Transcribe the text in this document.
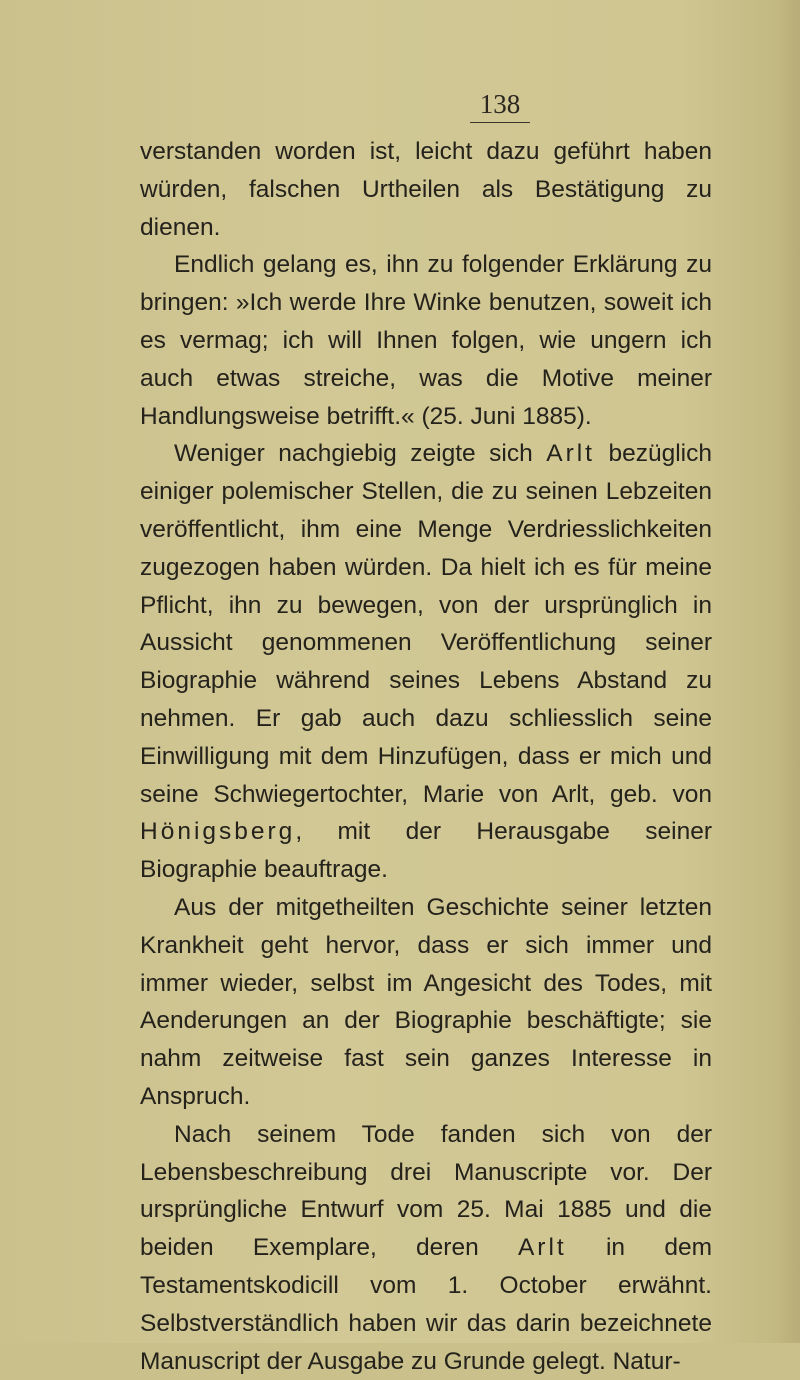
138

verstanden worden ist, leicht dazu geführt haben würden, falschen Urtheilen als Bestätigung zu dienen.

Endlich gelang es, ihn zu folgender Erklärung zu bringen: »Ich werde Ihre Winke benutzen, soweit ich es vermag; ich will Ihnen folgen, wie ungern ich auch etwas streiche, was die Motive meiner Handlungsweise betrifft.« (25. Juni 1885).

Weniger nachgiebig zeigte sich Arlt bezüglich einiger polemischer Stellen, die zu seinen Lebzeiten veröffentlicht, ihm eine Menge Verdriesslichkeiten zugezogen haben würden. Da hielt ich es für meine Pflicht, ihn zu bewegen, von der ursprünglich in Aussicht genommenen Veröffentlichung seiner Biographie während seines Lebens Abstand zu nehmen. Er gab auch dazu schliesslich seine Einwilligung mit dem Hinzufügen, dass er mich und seine Schwiegertochter, Marie von Arlt, geb. von Hönigsberg, mit der Herausgabe seiner Biographie beauftrage.

Aus der mitgetheilten Geschichte seiner letzten Krankheit geht hervor, dass er sich immer und immer wieder, selbst im Angesicht des Todes, mit Aenderungen an der Biographie beschäftigte; sie nahm zeitweise fast sein ganzes Interesse in Anspruch.

Nach seinem Tode fanden sich von der Lebensbeschreibung drei Manuscripte vor. Der ursprüngliche Entwurf vom 25. Mai 1885 und die beiden Exemplare, deren Arlt in dem Testamentskodicill vom 1. October erwähnt. Selbstverständlich haben wir das darin bezeichnete Manuscript der Ausgabe zu Grunde gelegt. Natur-
